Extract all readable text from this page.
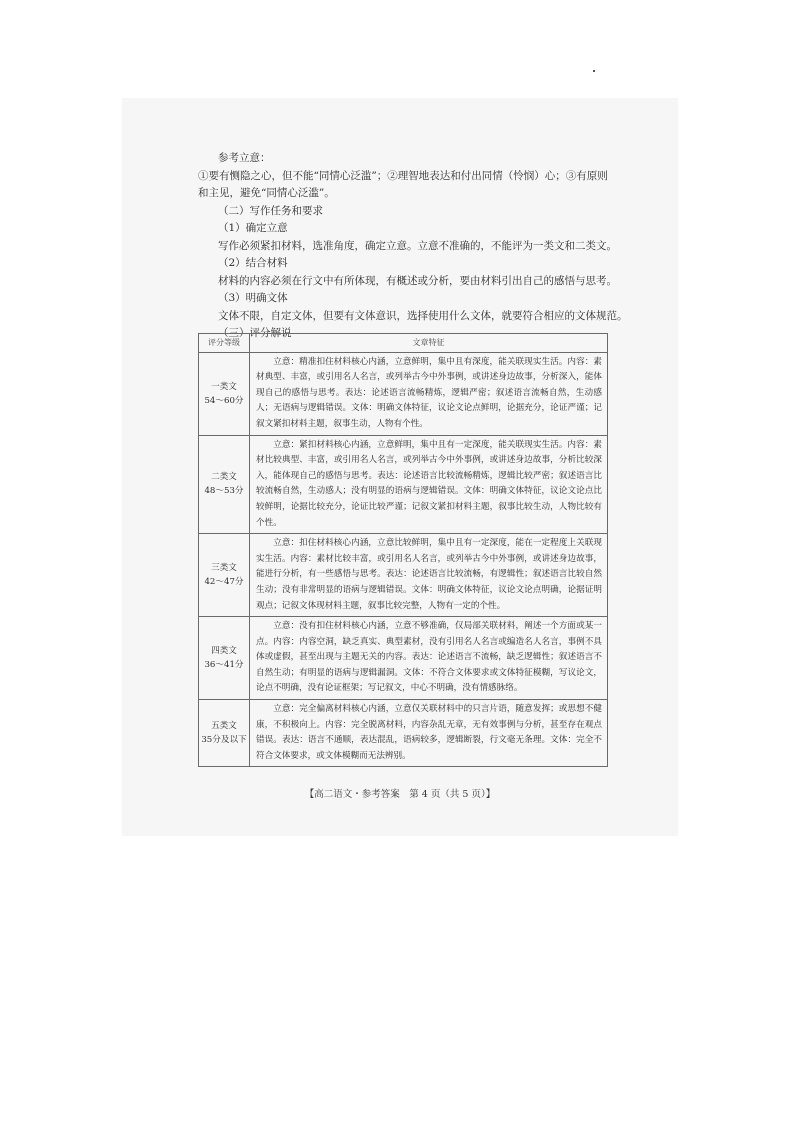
参考立意：

①要有恻隐之心，但不能“同情心泛滥”；②理智地表达和付出同情（怜悯）心；③有原则

和主见，避免“同情心泛滥”。

（二）写作任务和要求

（1）确定立意

写作必须紧扣材料，选准角度，确定立意。立意不准确的，不能评为一类文和二类文。

（2）结合材料

材料的内容必须在行文中有所体现，有概述或分析，要由材料引出自己的感悟与思考。

（3）明确文体

文体不限，自定文体，但要有文体意识，选择使用什么文体，就要符合相应的文体规范。

（三）评分解说

评分等级	文章特征

一类文
54～60分	立意：精准扣住材料核心内涵，立意鲜明，集中且有深度，能关联现实生活。内容：素材典型、丰富，或引用名人名言，或列举古今中外事例，或讲述身边故事，分析深入，能体现自己的感悟与思考。表达：论述语言流畅精炼，逻辑严密；叙述语言流畅自然，生动感人；无语病与逻辑错误。文体：明确文体特征，议论文论点鲜明，论据充分，论证严谨；记叙文紧扣材料主题，叙事生动，人物有个性。

二类文
48～53分	立意：紧扣材料核心内涵，立意鲜明，集中且有一定深度，能关联现实生活。内容：素材比较典型、丰富，或引用名人名言，或列举古今中外事例，或讲述身边故事，分析比较深入，能体现自己的感悟与思考。表达：论述语言比较流畅精炼，逻辑比较严密；叙述语言比较流畅自然，生动感人；没有明显的语病与逻辑错误。文体：明确文体特征，议论文论点比较鲜明，论据比较充分，论证比较严谨；记叙文紧扣材料主题，叙事比较生动，人物比较有个性。

三类文
42～47分	立意：扣住材料核心内涵，立意比较鲜明，集中且有一定深度，能在一定程度上关联现实生活。内容：素材比较丰富，或引用名人名言，或列举古今中外事例，或讲述身边故事，能进行分析，有一些感悟与思考。表达：论述语言比较流畅，有逻辑性；叙述语言比较自然生动；没有非常明显的语病与逻辑错误。文体：明确文体特征，议论文论点明确，论据证明观点；记叙文体现材料主题，叙事比较完整，人物有一定的个性。

四类文
36～41分	立意：没有扣住材料核心内涵，立意不够准确，仅局部关联材料，阐述一个方面或某一点。内容：内容空洞，缺乏真实、典型素材，没有引用名人名言或编造名人名言，事例不具体或虚假，甚至出现与主题无关的内容。表达：论述语言不流畅，缺乏逻辑性；叙述语言不自然生动；有明显的语病与逻辑漏洞。文体：不符合文体要求或文体特征模糊，写议论文，论点不明确，没有论证框架；写记叙文，中心不明确，没有情感脉络。

五类文
35分及以下	立意：完全偏离材料核心内涵，立意仅关联材料中的只言片语，随意发挥；或思想不健康，不积极向上。内容：完全脱离材料，内容杂乱无章，无有效事例与分析，甚至存在观点错误。表达：语言不通顺，表达混乱，语病较多，逻辑断裂，行文毫无条理。文体：完全不符合文体要求，或文体模糊而无法辨别。
【高二语文・参考答案　第 4 页（共 5 页）】
